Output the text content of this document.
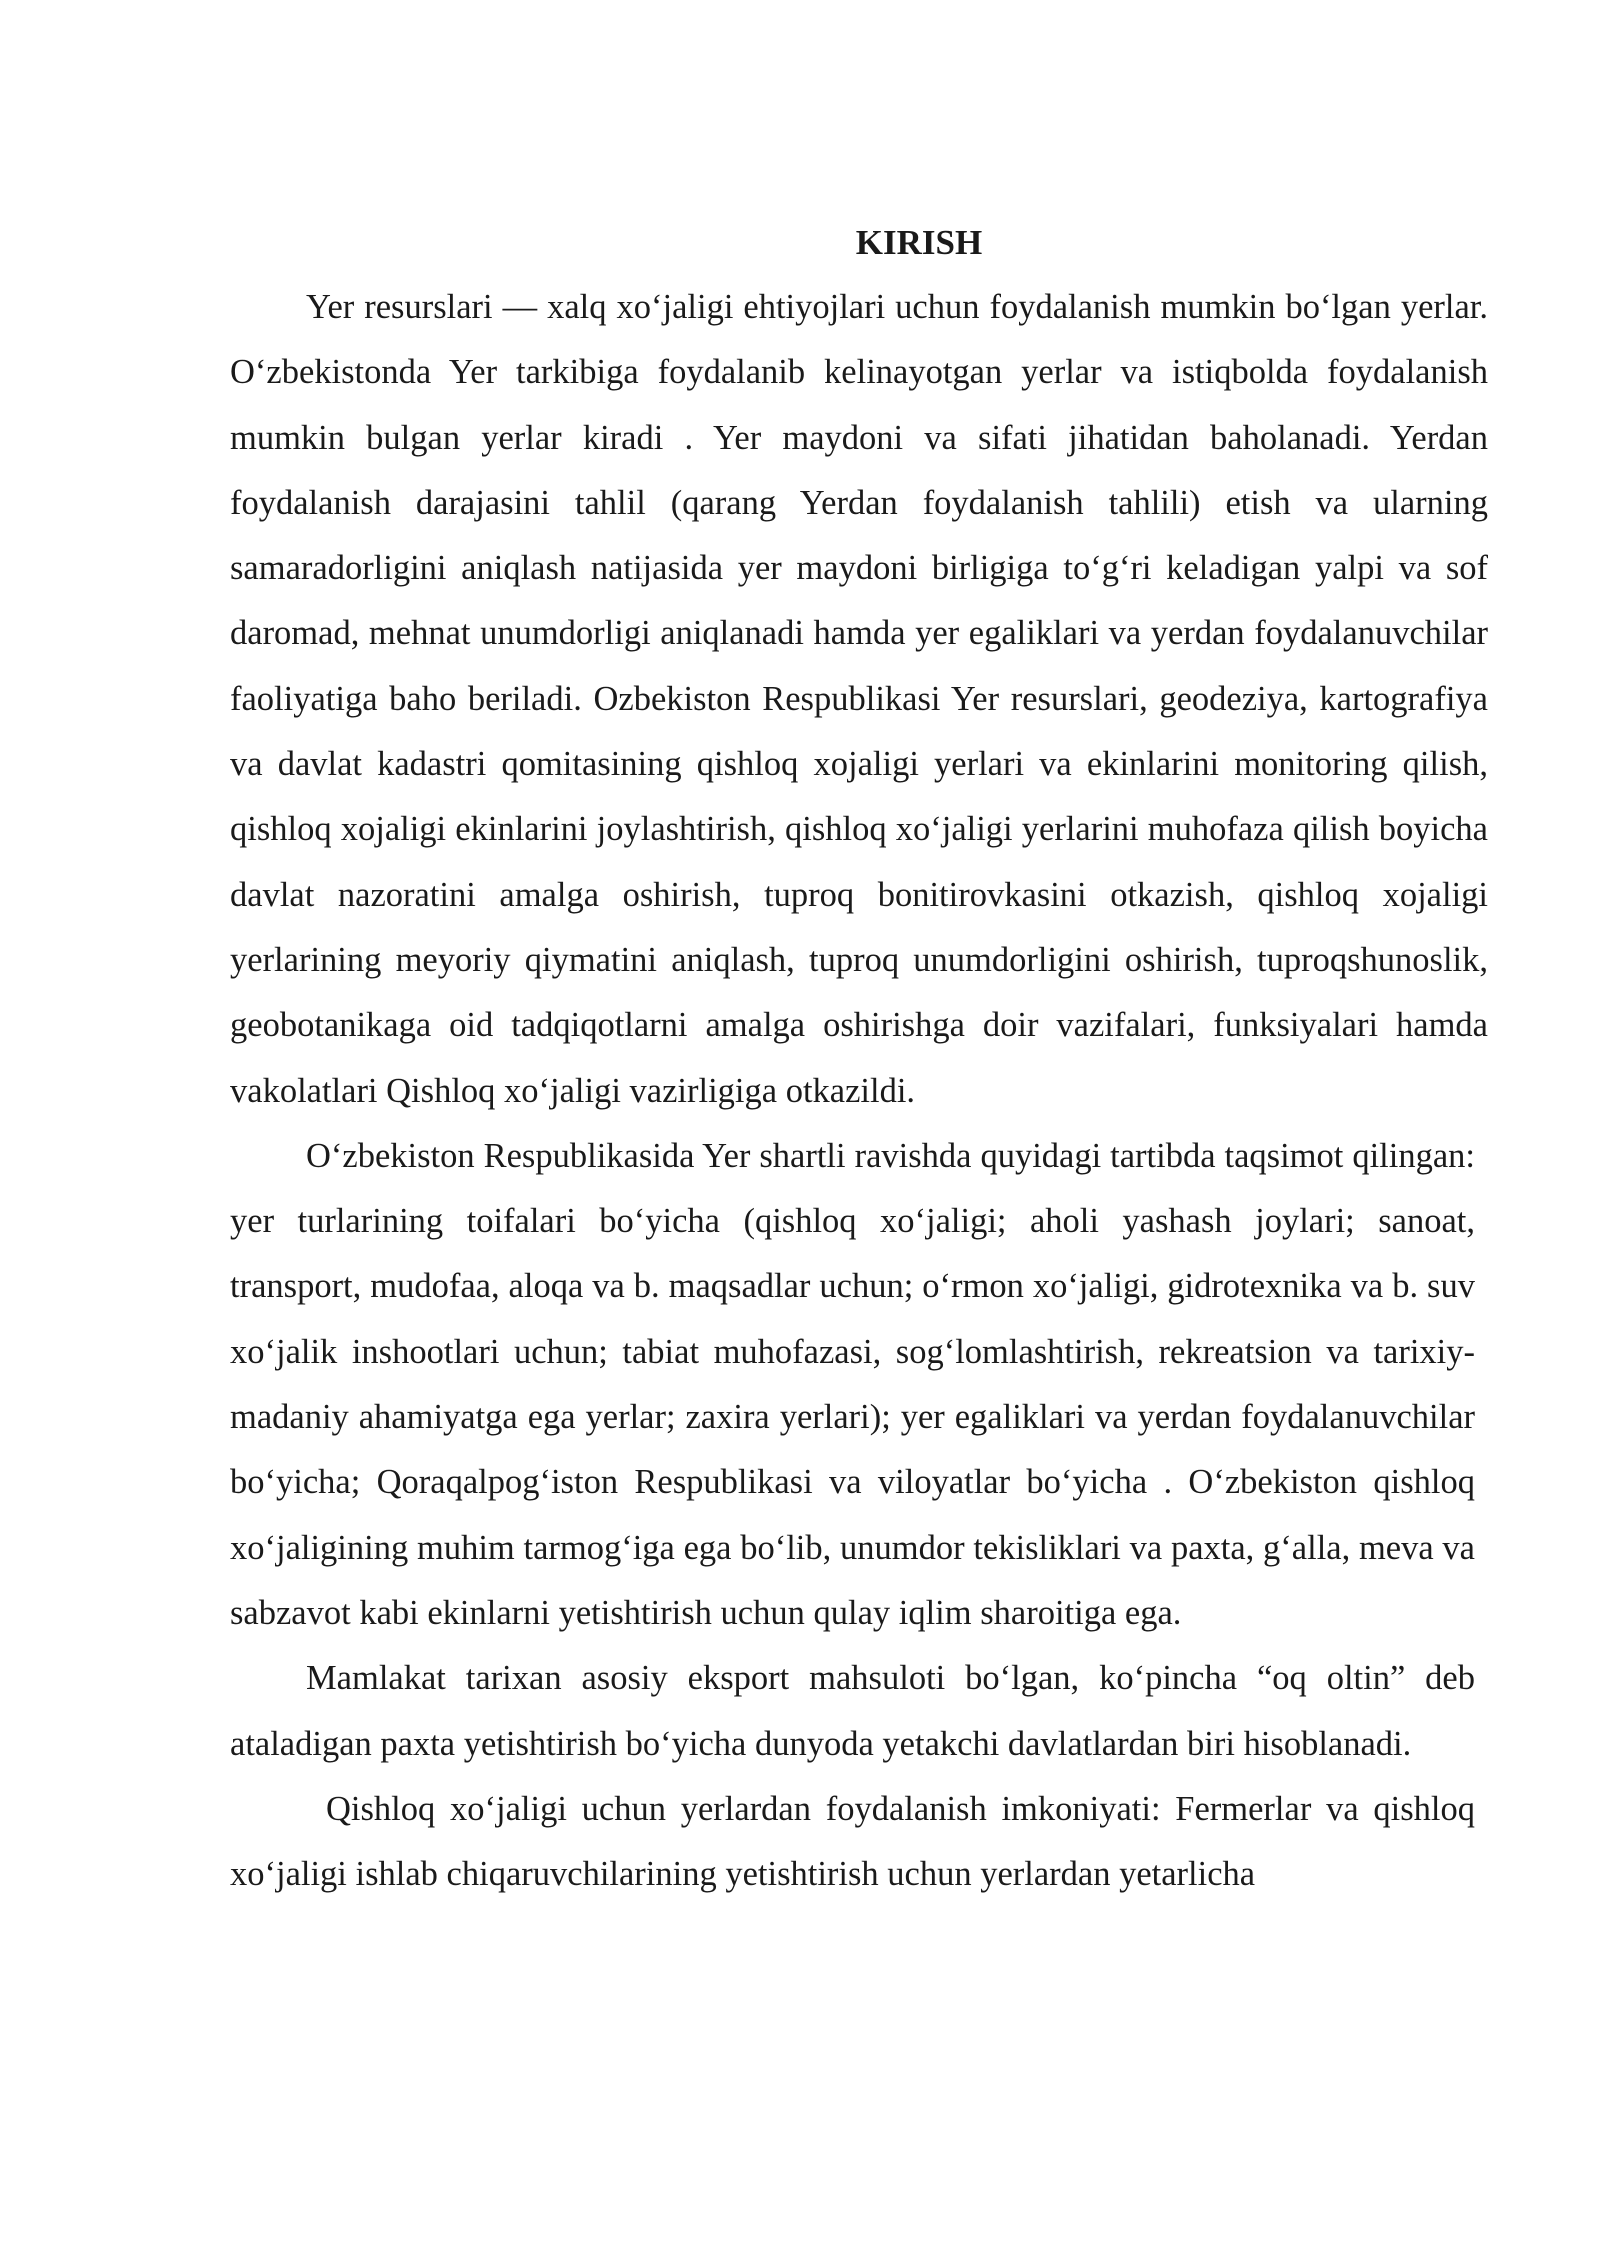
KIRISH

Yer resurslari — xalq xoʻjaligi ehtiyojlari uchun foydalanish mumkin boʻlgan yerlar. Oʻzbekistonda Yer tarkibiga foydalanib kelinayotgan yerlar va istiqbolda foydalanish mumkin bulgan yerlar kiradi . Yer maydoni va sifati jihatidan baholanadi. Yerdan foydalanish darajasini tahlil (qarang Yerdan foydalanish tahlili) etish va ularning samaradorligini aniqlash natijasida yer maydoni birligiga toʻgʻri keladigan yalpi va sof daromad, mehnat unumdorligi aniqlanadi hamda yer egaliklari va yerdan foydalanuvchilar faoliyatiga baho beriladi. Ozbekiston Respublikasi Yer resurslari, geodeziya, kartografiya va davlat kadastri qomitasining qishloq xojaligi yerlari va ekinlarini monitoring qilish, qishloq xojaligi ekinlarini joylashtirish, qishloq xoʻjaligi yerlarini muhofaza qilish boyicha davlat nazoratini amalga oshirish, tuproq bonitirovkasini otkazish, qishloq xojaligi yerlarining meyoriy qiymatini aniqlash, tuproq unumdorligini oshirish, tuproqshunoslik, geobotanikaga oid tadqiqotlarni amalga oshirishga doir vazifalari, funksiyalari hamda vakolatlari Qishloq xoʻjaligi vazirligiga otkazildi.

Oʻzbekiston Respublikasida Yer shartli ravishda quyidagi tartibda taqsimot qilingan: yer turlarining toifalari boʻyicha (qishloq xoʻjaligi; aholi yashash joylari; sanoat, transport, mudofaa, aloqa va b. maqsadlar uchun; oʻrmon xoʻjaligi, gidrotexnika va b. suv xoʻjalik inshootlari uchun; tabiat muhofazasi, sogʻlomlashtirish, rekreatsion va tarixiy-madaniy ahamiyatga ega yerlar; zaxira yerlari); yer egaliklari va yerdan foydalanuvchilar boʻyicha; Qoraqalpogʻiston Respublikasi va viloyatlar boʻyicha . Oʻzbekiston qishloq xoʻjaligining muhim tarmogʻiga ega boʻlib, unumdor tekisliklari va paxta, gʻalla, meva va sabzavot kabi ekinlarni yetishtirish uchun qulay iqlim sharoitiga ega.

Mamlakat tarixan asosiy eksport mahsuloti boʻlgan, koʻpincha “oq oltin” deb ataladigan paxta yetishtirish boʻyicha dunyoda yetakchi davlatlardan biri hisoblanadi.

Qishloq xoʻjaligi uchun yerlardan foydalanish imkoniyati: Fermerlar va qishloq xoʻjaligi ishlab chiqaruvchilarining yetishtirish uchun yerlardan yetarlicha
